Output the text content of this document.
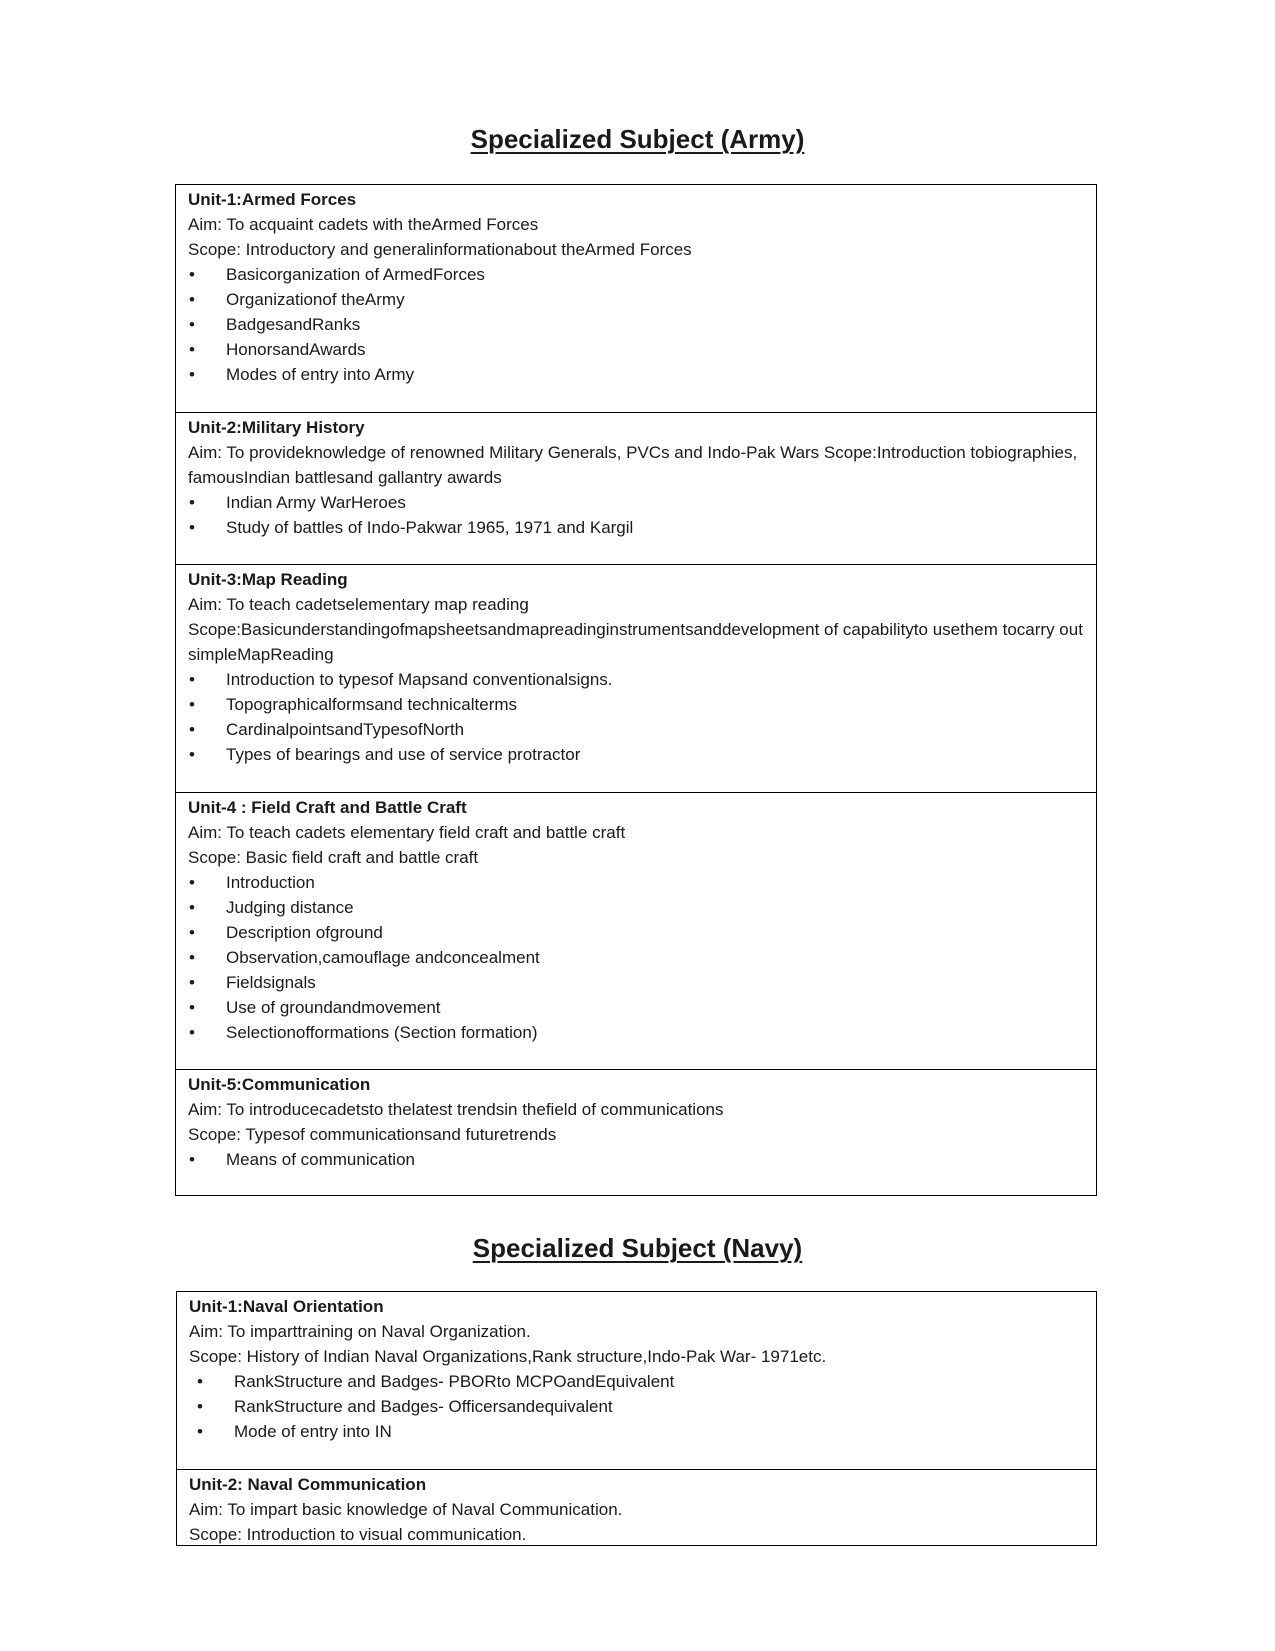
Specialized Subject (Army)
Unit-1:Armed Forces
Aim: To acquaint cadets with theArmed Forces
Scope: Introductory and generalinformationabout theArmed Forces
• Basicorganization of ArmedForces
• Organizationof theArmy
• BadgesandRanks
• HonorsandAwards
• Modes of entry into Army
Unit-2:Military History
Aim: To provideknowledge of renowned Military Generals, PVCs and Indo-Pak Wars Scope:Introduction tobiographies, famousIndian battlesand gallantry awards
• Indian Army WarHeroes
• Study of battles of Indo-Pakwar 1965, 1971 and Kargil
Unit-3:Map Reading
Aim: To teach cadetselementary map reading
Scope:Basicunderstandingofmapsheetsandmapreadinginstrumentsanddevelopment of capabilityto usethem tocarry out simpleMapReading
• Introduction to typesof Mapsand conventionalsigns.
• Topographicalformsand technicalterms
• CardinalpointsandTypesofNorth
• Types of bearings and use of service protractor
Unit-4 : Field Craft and Battle Craft
Aim: To teach cadets elementary field craft and battle craft
Scope: Basic field craft and battle craft
• Introduction
• Judging distance
• Description ofground
• Observation,camouflage andconcealment
• Fieldsignals
• Use of groundandmovement
• Selectionofformations (Section formation)
Unit-5:Communication
Aim: To introducecadetsto thelatest trendsin thefield of communications
Scope: Typesof communicationsand futuretrends
• Means of communication
Specialized Subject (Navy)
Unit-1:Naval Orientation
Aim: To imparttraining on Naval Organization.
Scope: History of Indian Naval Organizations,Rank structure,Indo-Pak War- 1971etc.
• RankStructure and Badges- PBORto MCPOandEquivalent
• RankStructure and Badges- Officersandequivalent
• Mode of entry into IN
Unit-2: Naval Communication
Aim: To impart basic knowledge of Naval Communication.
Scope: Introduction to visual communication.
